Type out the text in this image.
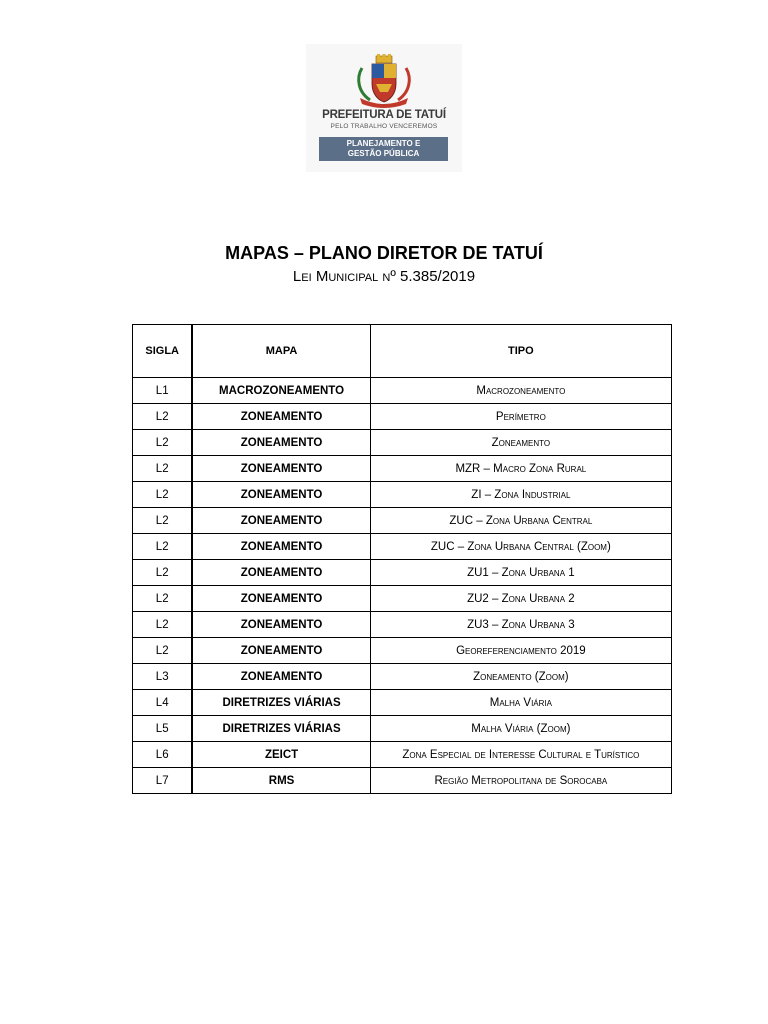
PREFEITURA DE TATUÍ
PELO TRABALHO VENCEREMOS
PLANEJAMENTO E
GESTÃO PÚBLICA
MAPAS – PLANO DIRETOR DE TATUÍ
Lei Municipal nº 5.385/2019
SIGLA	MAPA	TIPO
L1	MACROZONEAMENTO	Macrozoneamento
L2	ZONEAMENTO	Perímetro
L2	ZONEAMENTO	Zoneamento
L2	ZONEAMENTO	MZR – Macro Zona Rural
L2	ZONEAMENTO	ZI – Zona Industrial
L2	ZONEAMENTO	ZUC – Zona Urbana Central
L2	ZONEAMENTO	ZUC – Zona Urbana Central (Zoom)
L2	ZONEAMENTO	ZU1 – Zona Urbana 1
L2	ZONEAMENTO	ZU2 – Zona Urbana 2
L2	ZONEAMENTO	ZU3 – Zona Urbana 3
L2	ZONEAMENTO	Georeferenciamento 2019
L3	ZONEAMENTO	Zoneamento (Zoom)
L4	DIRETRIZES VIÁRIAS	Malha Viária
L5	DIRETRIZES VIÁRIAS	Malha Viária (Zoom)
L6	ZEICT	Zona Especial de Interesse Cultural e Turístico
L7	RMS	Região Metropolitana de Sorocaba
